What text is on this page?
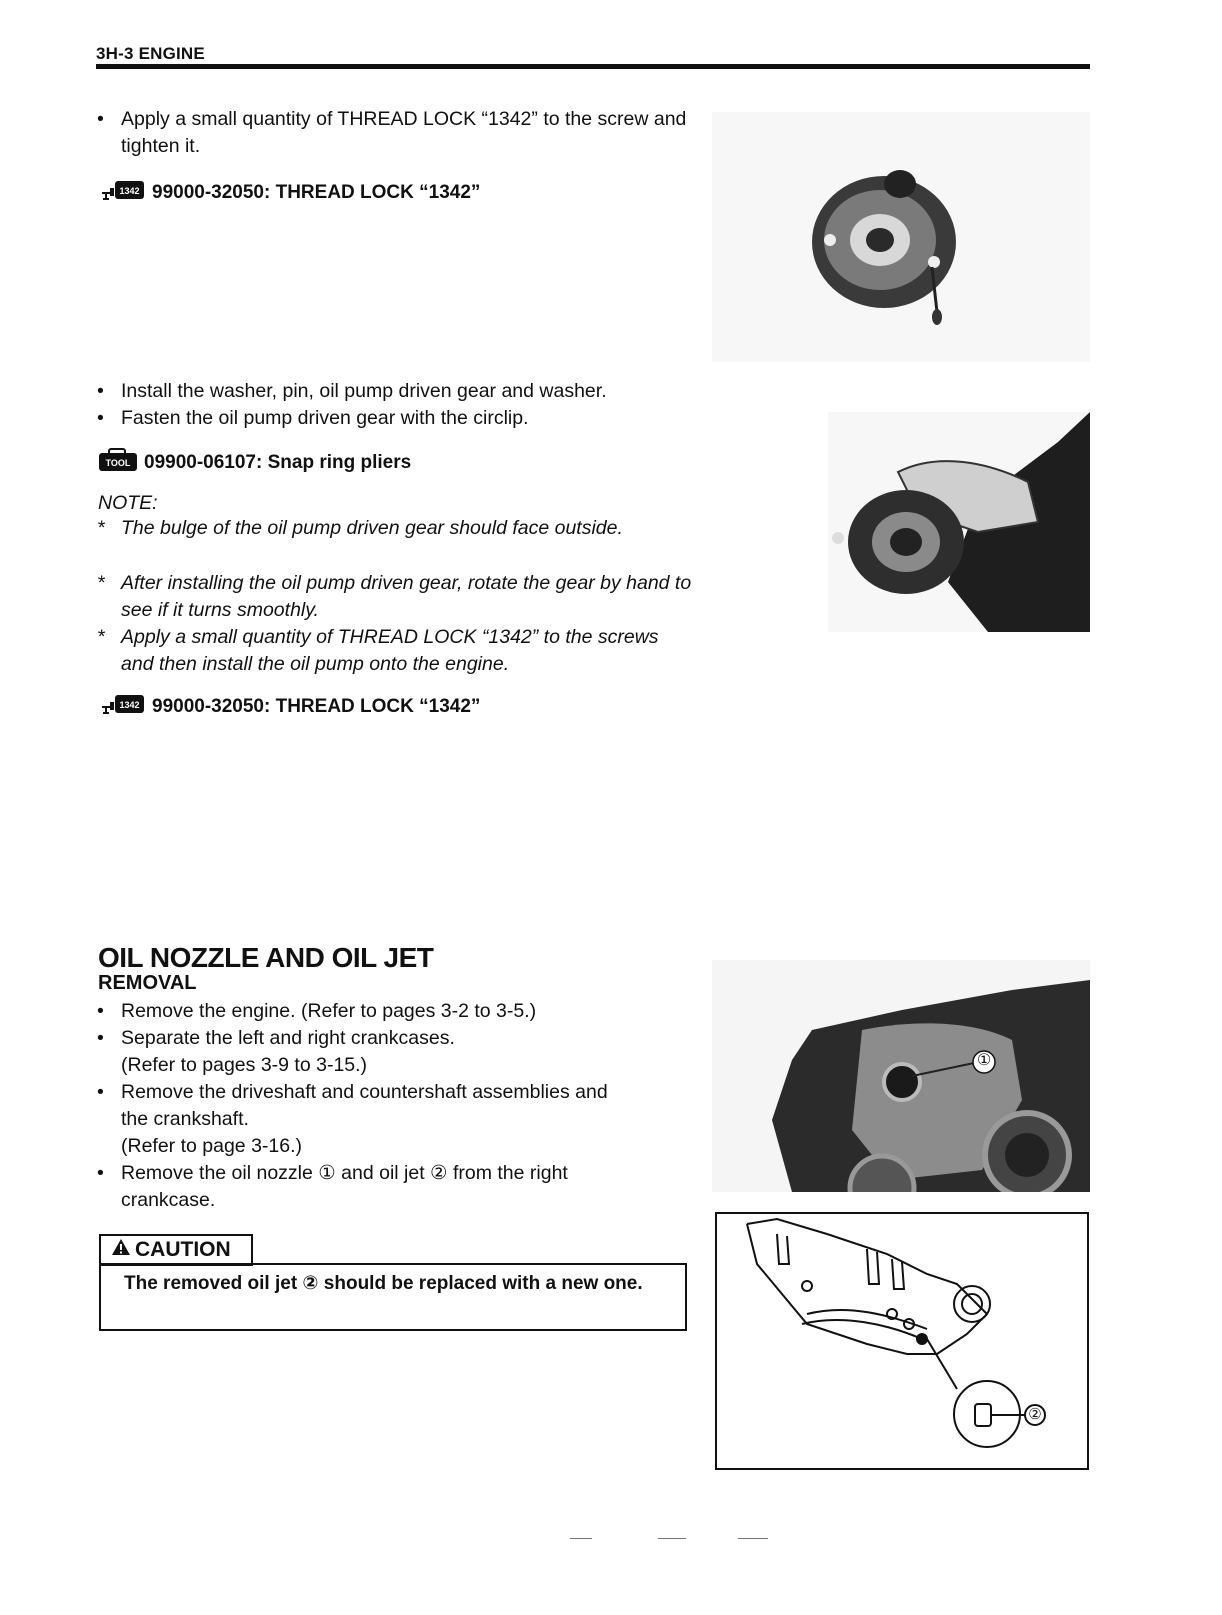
3H-3 ENGINE
• Apply a small quantity of THREAD LOCK “1342” to the screw and tighten it.
1342 99000-32050: THREAD LOCK “1342”
• Install the washer, pin, oil pump driven gear and washer.
• Fasten the oil pump driven gear with the circlip.
TOOL 09900-06107: Snap ring pliers
NOTE:
* The bulge of the oil pump driven gear should face outside.
* After installing the oil pump driven gear, rotate the gear by hand to see if it turns smoothly.
* Apply a small quantity of THREAD LOCK “1342” to the screws and then install the oil pump onto the engine.
1342 99000-32050: THREAD LOCK “1342”
OIL NOZZLE AND OIL JET
REMOVAL
• Remove the engine. (Refer to pages 3-2 to 3-5.)
• Separate the left and right crankcases.
(Refer to pages 3-9 to 3-15.)
• Remove the driveshaft and countershaft assemblies and
the crankshaft.
(Refer to page 3-16.)
• Remove the oil nozzle ① and oil jet ② from the right
crankcase.
CAUTION
The removed oil jet ② should be replaced with a new one.
①
②
